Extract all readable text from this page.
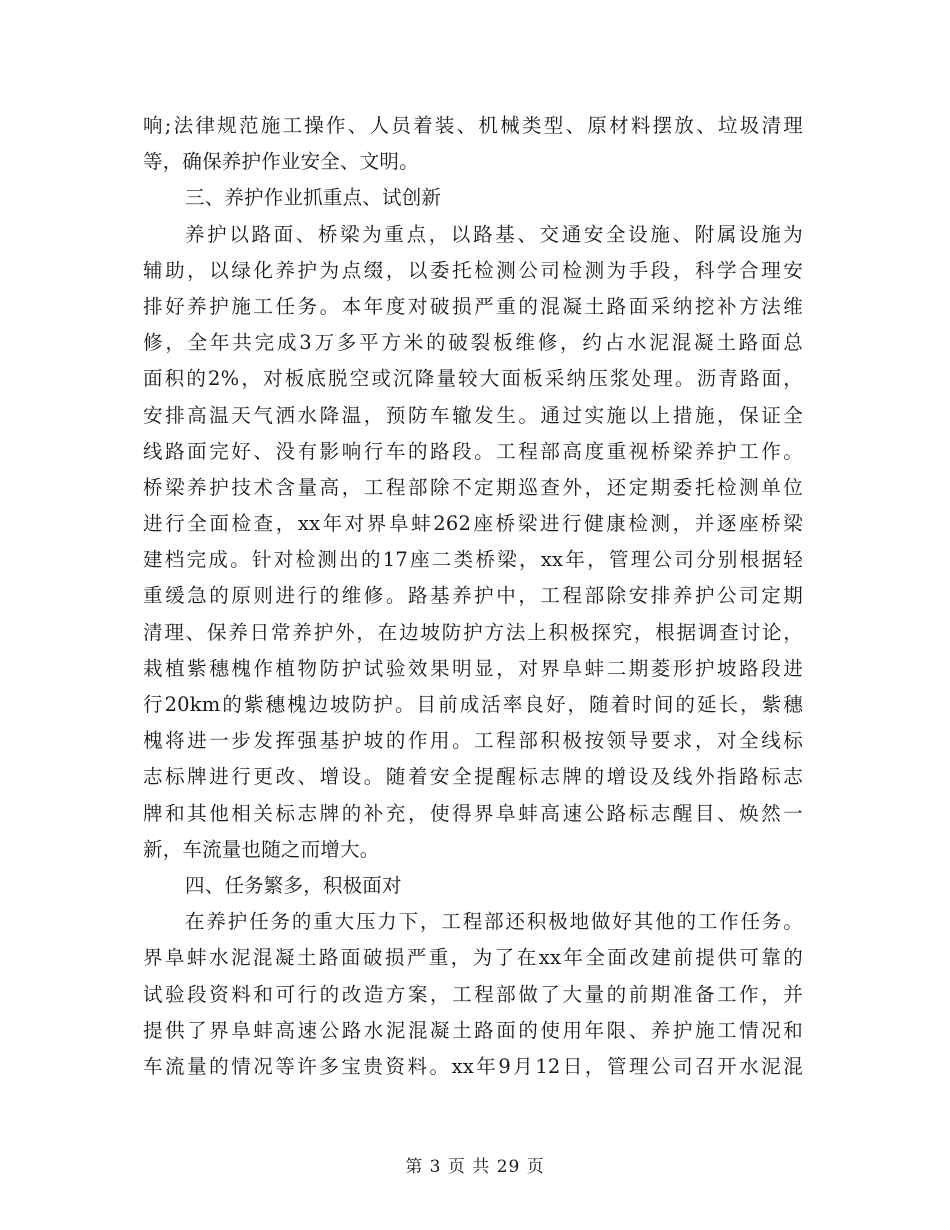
响;法律规范施工操作、人员着装、机械类型、原材料摆放、垃圾清理
等，确保养护作业安全、文明。
三、养护作业抓重点、试创新
养护以路面、桥梁为重点，以路基、交通安全设施、附属设施为
辅助，以绿化养护为点缀，以委托检测公司检测为手段，科学合理安
排好养护施工任务。本年度对破损严重的混凝土路面采纳挖补方法维
修，全年共完成3万多平方米的破裂板维修，约占水泥混凝土路面总
面积的2%，对板底脱空或沉降量较大面板采纳压浆处理。沥青路面，
安排高温天气洒水降温，预防车辙发生。通过实施以上措施，保证全
线路面完好、没有影响行车的路段。工程部高度重视桥梁养护工作。
桥梁养护技术含量高，工程部除不定期巡查外，还定期委托检测单位
进行全面检查，xx年对界阜蚌262座桥梁进行健康检测，并逐座桥梁
建档完成。针对检测出的17座二类桥梁，xx年，管理公司分别根据轻
重缓急的原则进行的维修。路基养护中，工程部除安排养护公司定期
清理、保养日常养护外，在边坡防护方法上积极探究，根据调查讨论，
栽植紫穗槐作植物防护试验效果明显，对界阜蚌二期菱形护坡路段进
行20km的紫穗槐边坡防护。目前成活率良好，随着时间的延长，紫穗
槐将进一步发挥强基护坡的作用。工程部积极按领导要求，对全线标
志标牌进行更改、增设。随着安全提醒标志牌的增设及线外指路标志
牌和其他相关标志牌的补充，使得界阜蚌高速公路标志醒目、焕然一
新，车流量也随之而增大。
四、任务繁多，积极面对
在养护任务的重大压力下，工程部还积极地做好其他的工作任务。
界阜蚌水泥混凝土路面破损严重，为了在xx年全面改建前提供可靠的
试验段资料和可行的改造方案，工程部做了大量的前期准备工作，并
提供了界阜蚌高速公路水泥混凝土路面的使用年限、养护施工情况和
车流量的情况等许多宝贵资料。xx年9月12日，管理公司召开水泥混
第 3 页 共 29 页
